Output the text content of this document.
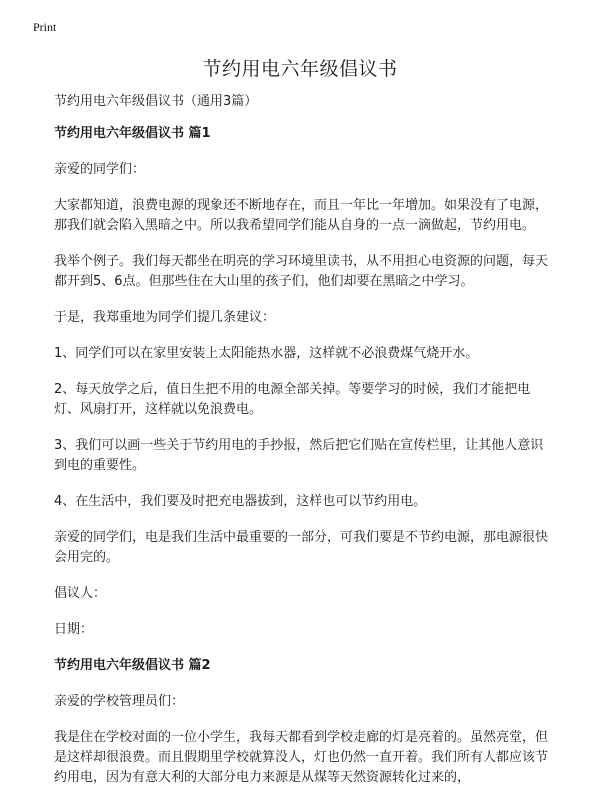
Print
节约用电六年级倡议书

节约用电六年级倡议书（通用3篇）

节约用电六年级倡议书 篇1

亲爱的同学们：

大家都知道，浪费电源的现象还不断地存在，而且一年比一年增加。如果没有了电源，那我们就会陷入黑暗之中。所以我希望同学们能从自身的一点一滴做起，节约用电。

我举个例子。我们每天都坐在明亮的学习环境里读书，从不用担心电资源的问题，每天都开到5、6点。但那些住在大山里的孩子们，他们却要在黑暗之中学习。

于是，我郑重地为同学们提几条建议：

1、同学们可以在家里安装上太阳能热水器，这样就不必浪费煤气烧开水。

2、每天放学之后，值日生把不用的电源全部关掉。等要学习的时候，我们才能把电灯、风扇打开，这样就以免浪费电。

3、我们可以画一些关于节约用电的手抄报，然后把它们贴在宣传栏里，让其他人意识到电的重要性。

4、在生活中，我们要及时把充电器拔到，这样也可以节约用电。

亲爱的同学们，电是我们生活中最重要的一部分，可我们要是不节约电源，那电源很快会用完的。

倡议人：

日期：

节约用电六年级倡议书 篇2

亲爱的学校管理员们：

我是住在学校对面的一位小学生，我每天都看到学校走廊的灯是亮着的。虽然亮堂，但是这样却很浪费。而且假期里学校就算没人，灯也仍然一直开着。我们所有人都应该节约用电，因为有意大利的大部分电力来源是从煤等天然资源转化过来的，
